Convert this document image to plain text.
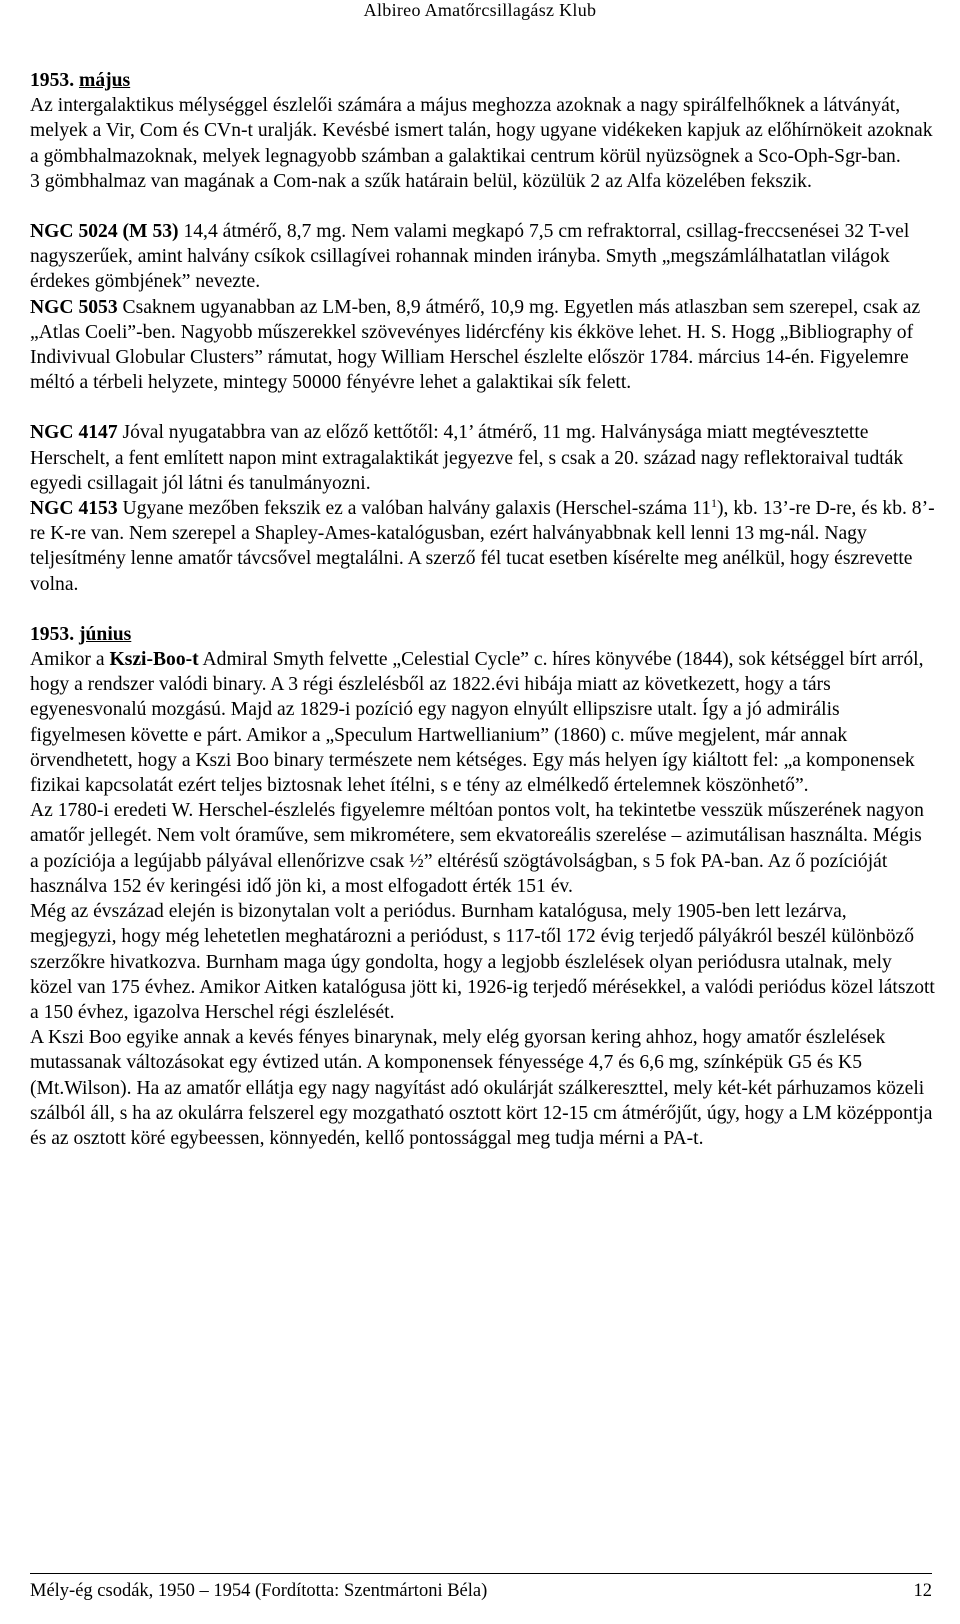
Albireo Amatőrcsillagász Klub

1953. május

Az intergalaktikus mélységgel észlelői számára a május meghozza azoknak a nagy spirálfelhőknek a látványát, melyek a Vir, Com és CVn-t uralják. Kevésbé ismert talán, hogy ugyane vidékeken kapjuk az előhírnökeit azoknak a gömbhalmazoknak, melyek legnagyobb számban a galaktikai centrum körül nyüzsögnek a Sco-Oph-Sgr-ban.

3 gömbhalmaz van magának a Com-nak a szűk határain belül, közülük 2 az Alfa közelében fekszik.

NGC 5024 (M 53) 14,4 átmérő, 8,7 mg. Nem valami megkapó 7,5 cm refraktorral, csillag-freccsenései 32 T-vel nagyszerűek, amint halvány csíkok csillagívei rohannak minden irányba. Smyth „megszámlálhatatlan világok érdekes gömbjének” nevezte.

NGC 5053 Csaknem ugyanabban az LM-ben, 8,9 átmérő, 10,9 mg. Egyetlen más atlaszban sem szerepel, csak az „Atlas Coeli”-ben. Nagyobb műszerekkel szövevényes lidércfény kis ékköve lehet. H. S. Hogg „Bibliography of Indivivual Globular Clusters” rámutat, hogy William Herschel észlelte először 1784. március 14-én. Figyelemre méltó a térbeli helyzete, mintegy 50000 fényévre lehet a galaktikai sík felett.

NGC 4147 Jóval nyugatabbra van az előző kettőtől: 4,1’ átmérő, 11 mg. Halványsága miatt megtévesztette Herschelt, a fent említett napon mint extragalaktikát jegyezve fel, s csak a 20. század nagy reflektoraival tudták egyedi csillagait jól látni és tanulmányozni.

NGC 4153 Ugyane mezőben fekszik ez a valóban halvány galaxis (Herschel-száma $11^1$), kb. 13’-re D-re, és kb. 8’-re K-re van. Nem szerepel a Shapley-Ames-katalógusban, ezért halványabbnak kell lenni 13 mg-nál. Nagy teljesítmény lenne amatőr távcsővel megtalálni. A szerző fél tucat esetben kísérelte meg anélkül, hogy észrevette volna.

1953. június

Amikor a Kszi-Boo-t Admiral Smyth felvette „Celestial Cycle” c. híres könyvébe (1844), sok kétséggel bírt arról, hogy a rendszer valódi binary. A 3 régi észlelésből az 1822.évi hibája miatt az következett, hogy a társ egyenesvonalú mozgású. Majd az 1829-i pozíció egy nagyon elnyúlt ellipszisre utalt. Így a jó admirális figyelmesen követte e párt. Amikor a „Speculum Hartwellianium” (1860) c. műve megjelent, már annak örvendhetett, hogy a Kszi Boo binary természete nem kétséges. Egy más helyen így kiáltott fel: „a komponensek fizikai kapcsolatát ezért teljes biztosnak lehet ítélni, s e tény az elmélkedő értelemnek köszönhető”.

Az 1780-i eredeti W. Herschel-észlelés figyelemre méltóan pontos volt, ha tekintetbe vesszük műszerének nagyon amatőr jellegét. Nem volt óraműve, sem mikrométere, sem ekvatoreális szerelése – azimutálisan használta. Mégis a pozíciója a legújabb pályával ellenőrizve csak ½” eltérésű szögtávolságban, s 5 fok PA-ban. Az ő pozícióját használva 152 év keringési idő jön ki, a most elfogadott érték 151 év.

Még az évszázad elején is bizonytalan volt a periódus. Burnham katalógusa, mely 1905-ben lett lezárva, megjegyzi, hogy még lehetetlen meghatározni a periódust, s 117-től 172 évig terjedő pályákról beszél különböző szerzőkre hivatkozva. Burnham maga úgy gondolta, hogy a legjobb észlelések olyan periódusra utalnak, mely közel van 175 évhez. Amikor Aitken katalógusa jött ki, 1926-ig terjedő mérésekkel, a valódi periódus közel látszott a 150 évhez, igazolva Herschel régi észlelését.

A Kszi Boo egyike annak a kevés fényes binarynak, mely elég gyorsan kering ahhoz, hogy amatőr észlelések mutassanak változásokat egy évtized után. A komponensek fényessége 4,7 és 6,6 mg, színképük G5 és K5 (Mt.Wilson). Ha az amatőr ellátja egy nagy nagyítást adó okulárját szálkereszttel, mely két-két párhuzamos közeli szálból áll, s ha az okulárra felszerel egy mozgatható osztott kört 12-15 cm átmérőjűt, úgy, hogy a LM középpontja és az osztott köré egybeessen, könnyedén, kellő pontossággal meg tudja mérni a PA-t.

Mély-ég csodák, 1950 – 1954 (Fordította: Szentmártoni Béla)	12
